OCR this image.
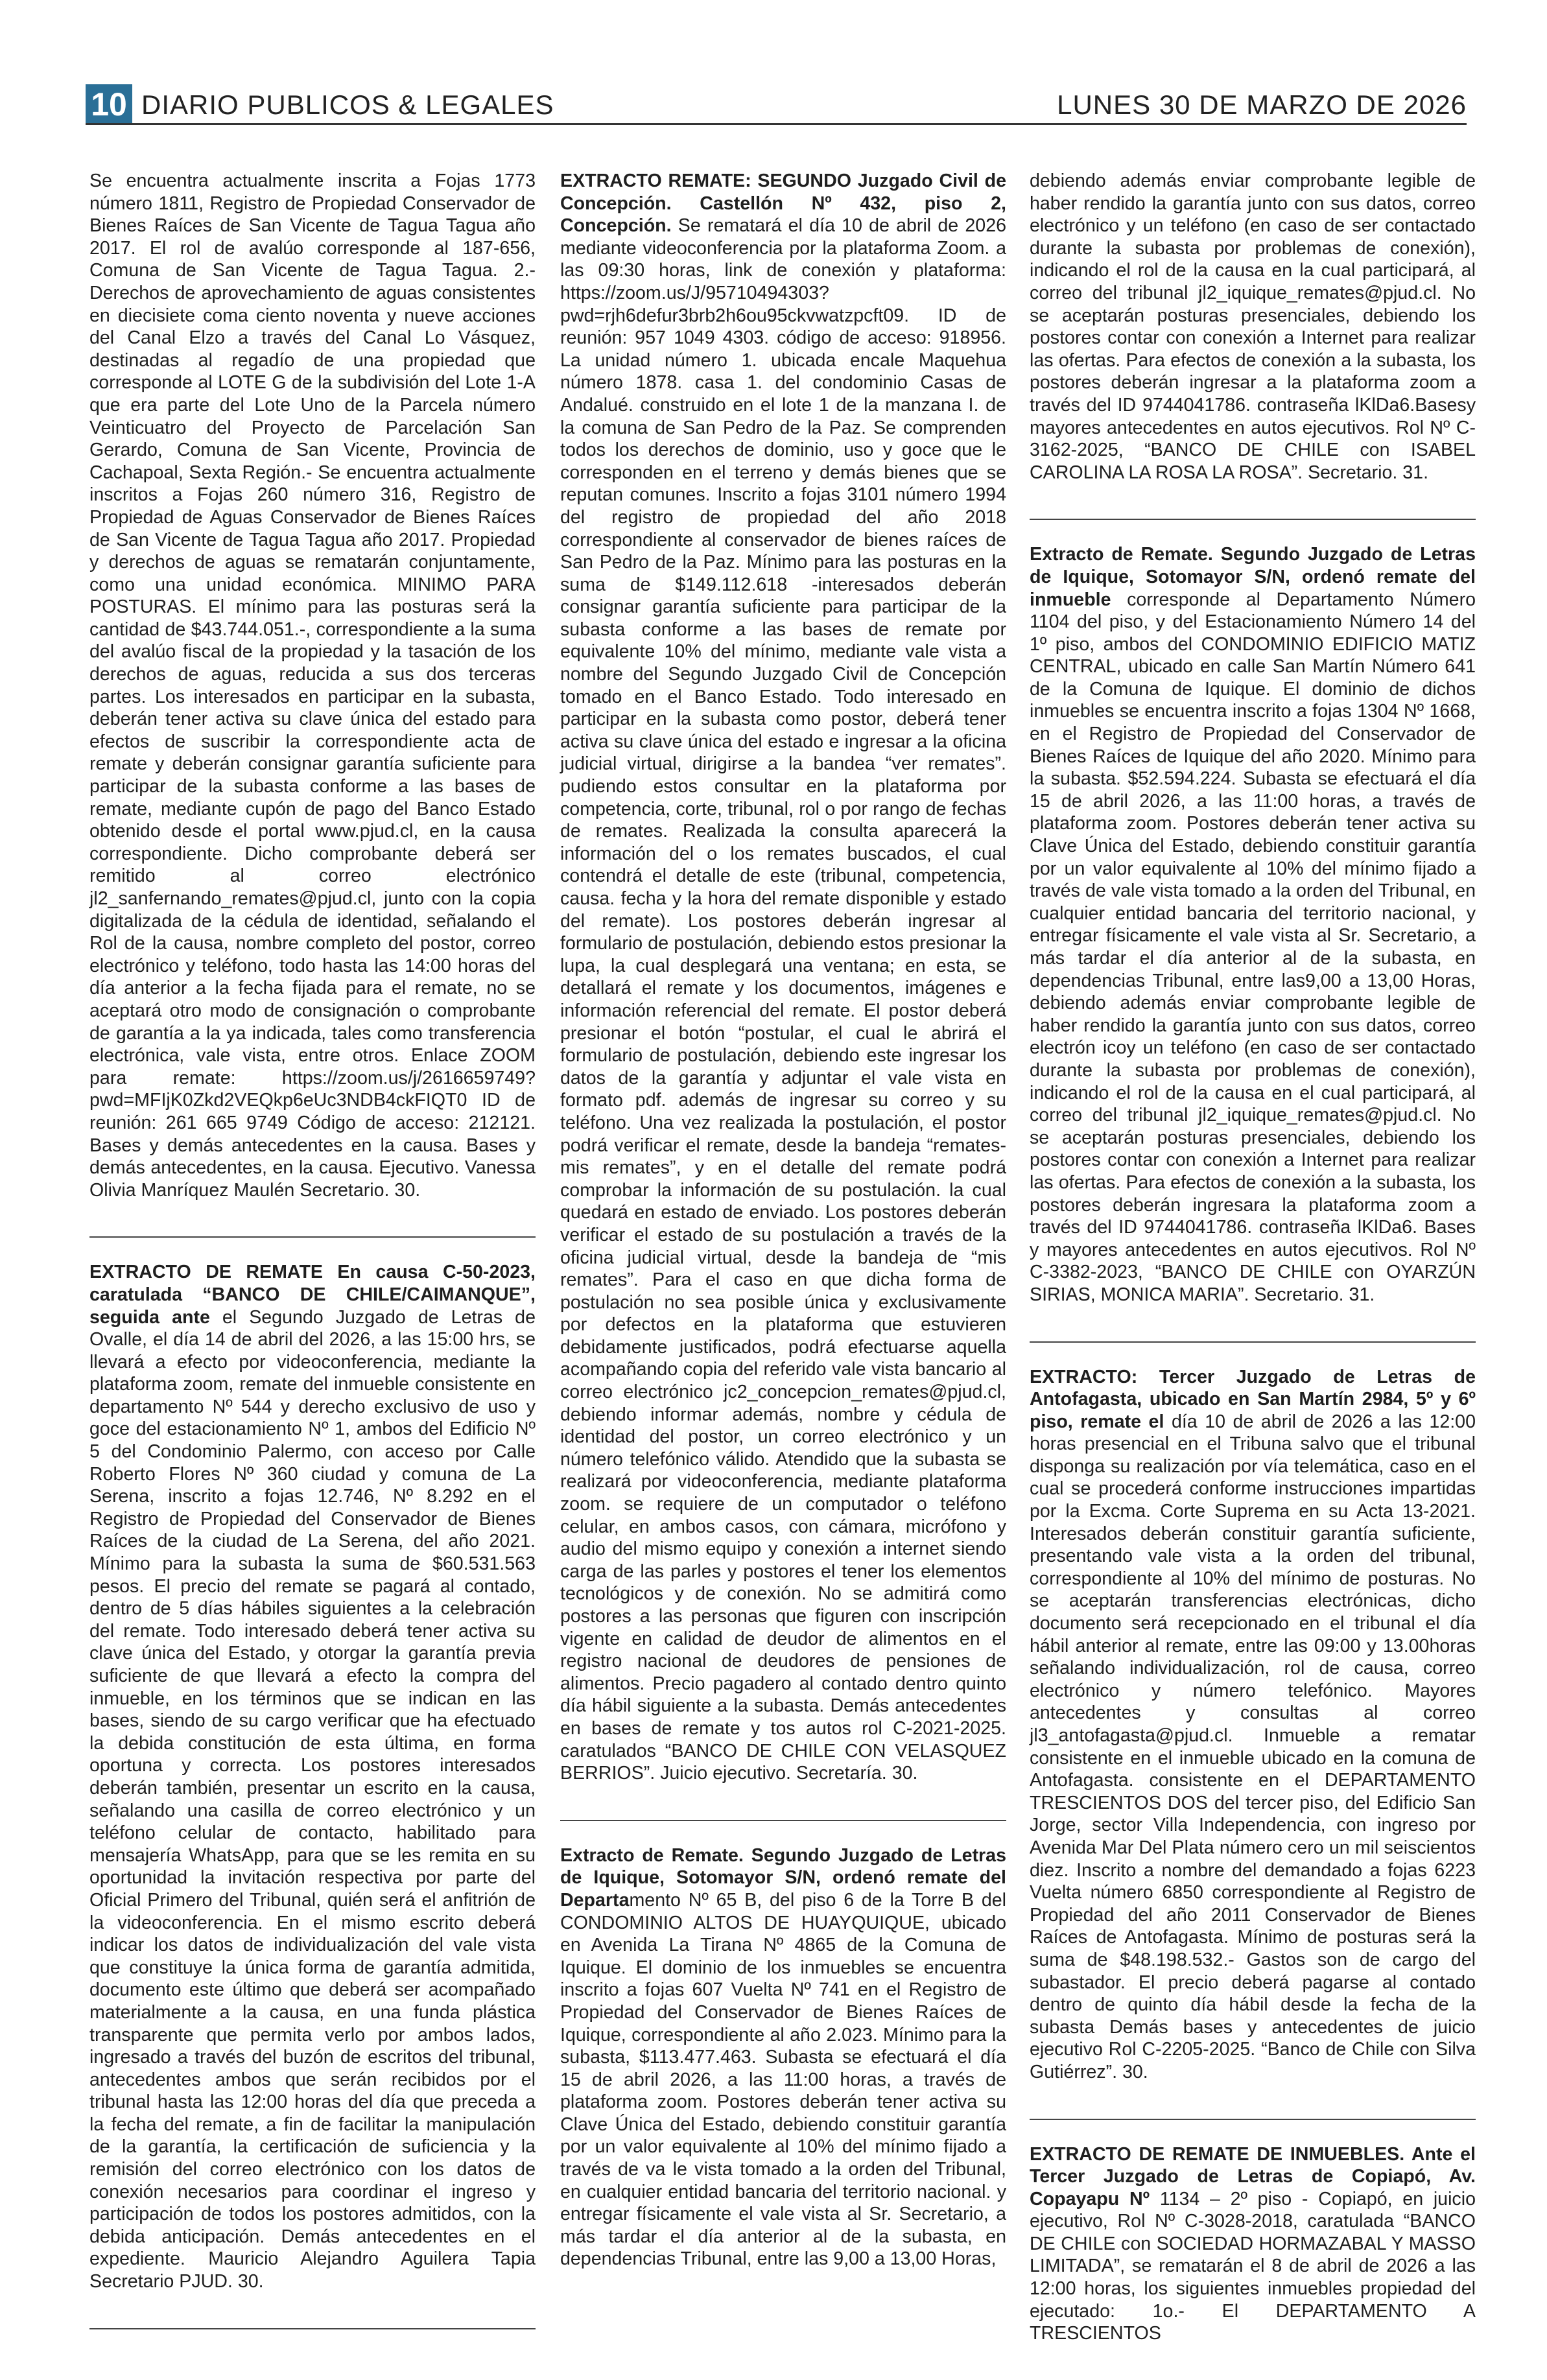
10 DIARIO PUBLICOS & LEGALES	LUNES 30 DE MARZO DE 2026

Se encuentra actualmente inscrita a Fojas 1773 número 1811, Registro de Propiedad Conservador de Bienes Raíces de San Vicente de Tagua Tagua año 2017. El rol de avalúo corresponde al 187-656, Comuna de San Vicente de Tagua Tagua. 2.- Derechos de aprovechamiento de aguas consistentes en diecisiete coma ciento noventa y nueve acciones del Canal Elzo a través del Canal Lo Vásquez, destinadas al regadío de una propiedad que corresponde al LOTE G de la subdivisión del Lote 1-A que era parte del Lote Uno de la Parcela número Veinticuatro del Proyecto de Parcelación San Gerardo, Comuna de San Vicente, Provincia de Cachapoal, Sexta Región.- Se encuentra actualmente inscritos a Fojas 260 número 316, Registro de Propiedad de Aguas Conservador de Bienes Raíces de San Vicente de Tagua Tagua año 2017. Propiedad y derechos de aguas se rematarán conjuntamente, como una unidad económica. MINIMO PARA POSTURAS. El mínimo para las posturas será la cantidad de $43.744.051.-, correspondiente a la suma del avalúo fiscal de la propiedad y la tasación de los derechos de aguas, reducida a sus dos terceras partes. Los interesados en participar en la subasta, deberán tener activa su clave única del estado para efectos de suscribir la correspondiente acta de remate y deberán consignar garantía suficiente para participar de la subasta conforme a las bases de remate, mediante cupón de pago del Banco Estado obtenido desde el portal www.pjud.cl, en la causa correspondiente. Dicho comprobante deberá ser remitido al correo electrónico jl2_sanfernando_remates@pjud.cl, junto con la copia digitalizada de la cédula de identidad, señalando el Rol de la causa, nombre completo del postor, correo electrónico y teléfono, todo hasta las 14:00 horas del día anterior a la fecha fijada para el remate, no se aceptará otro modo de consignación o comprobante de garantía a la ya indicada, tales como transferencia electrónica, vale vista, entre otros. Enlace ZOOM para remate: https://zoom.us/j/2616659749?pwd=MFIjK0Zkd2VEQkp6eUc3NDB4ckFIQT0 ID de reunión: 261 665 9749 Código de acceso: 212121. Bases y demás antecedentes en la causa. Bases y demás antecedentes, en la causa. Ejecutivo. Vanessa Olivia Manríquez Maulén Secretario. 30.

EXTRACTO DE REMATE En causa C-50-2023, caratulada “BANCO DE CHILE/CAIMANQUE”, seguida ante el Segundo Juzgado de Letras de Ovalle, el día 14 de abril del 2026, a las 15:00 hrs, se llevará a efecto por videoconferencia, mediante la plataforma zoom, remate del inmueble consistente en departamento Nº 544 y derecho exclusivo de uso y goce del estacionamiento Nº 1, ambos del Edificio Nº 5 del Condominio Palermo, con acceso por Calle Roberto Flores Nº 360 ciudad y comuna de La Serena, inscrito a fojas 12.746, Nº 8.292 en el Registro de Propiedad del Conservador de Bienes Raíces de la ciudad de La Serena, del año 2021. Mínimo para la subasta la suma de $60.531.563 pesos. El precio del remate se pagará al contado, dentro de 5 días hábiles siguientes a la celebración del remate. Todo interesado deberá tener activa su clave única del Estado, y otorgar la garantía previa suficiente de que llevará a efecto la compra del inmueble, en los términos que se indican en las bases, siendo de su cargo verificar que ha efectuado la debida constitución de esta última, en forma oportuna y correcta. Los postores interesados deberán también, presentar un escrito en la causa, señalando una casilla de correo electrónico y un teléfono celular de contacto, habilitado para mensajería WhatsApp, para que se les remita en su oportunidad la invitación respectiva por parte del Oficial Primero del Tribunal, quién será el anfitrión de la videoconferencia. En el mismo escrito deberá indicar los datos de individualización del vale vista que constituye la única forma de garantía admitida, documento este último que deberá ser acompañado materialmente a la causa, en una funda plástica transparente que permita verlo por ambos lados, ingresado a través del buzón de escritos del tribunal, antecedentes ambos que serán recibidos por el tribunal hasta las 12:00 horas del día que preceda a la fecha del remate, a fin de facilitar la manipulación de la garantía, la certificación de suficiencia y la remisión del correo electrónico con los datos de conexión necesarios para coordinar el ingreso y participación de todos los postores admitidos, con la debida anticipación. Demás antecedentes en el expediente. Mauricio Alejandro Aguilera Tapia Secretario PJUD. 30.

EXTRACTO REMATE: SEGUNDO Juzgado Civil de Concepción. Castellón Nº 432, piso 2, Concepción. Se rematará el día 10 de abril de 2026 mediante videoconferencia por la plataforma Zoom. a las 09:30 horas, link de conexión y plataforma: https://zoom.us/J/95710494303?pwd=rjh6defur3brb2h6ou95ckvwatzpcft09. ID de reunión: 957 1049 4303. código de acceso: 918956. La unidad número 1. ubicada encale Maquehua número 1878. casa 1. del condominio Casas de Andalué. construido en el lote 1 de la manzana I. de la comuna de San Pedro de la Paz. Se comprenden todos los derechos de dominio, uso y goce que le corresponden en el terreno y demás bienes que se reputan comunes. Inscrito a fojas 3101 número 1994 del registro de propiedad del año 2018 correspondiente al conservador de bienes raíces de San Pedro de la Paz. Mínimo para las posturas en la suma de $149.112.618 -interesados deberán consignar garantía suficiente para participar de la subasta conforme a las bases de remate por equivalente 10% del mínimo, mediante vale vista a nombre del Segundo Juzgado Civil de Concepción tomado en el Banco Estado. Todo interesado en participar en la subasta como postor, deberá tener activa su clave única del estado e ingresar a la oficina judicial virtual, dirigirse a la bandea “ver remates”. pudiendo estos consultar en la plataforma por competencia, corte, tribunal, rol o por rango de fechas de remates. Realizada la consulta aparecerá la información del o los remates buscados, el cual contendrá el detalle de este (tribunal, competencia, causa. fecha y la hora del remate disponible y estado del remate). Los postores deberán ingresar al formulario de postulación, debiendo estos presionar la lupa, la cual desplegará una ventana; en esta, se detallará el remate y los documentos, imágenes e información referencial del remate. El postor deberá presionar el botón “postular, el cual le abrirá el formulario de postulación, debiendo este ingresar los datos de la garantía y adjuntar el vale vista en formato pdf. además de ingresar su correo y su teléfono. Una vez realizada la postulación, el postor podrá verificar el remate, desde la bandeja “remates-mis remates”, y en el detalle del remate podrá comprobar la información de su postulación. la cual quedará en estado de enviado. Los postores deberán verificar el estado de su postulación a través de la oficina judicial virtual, desde la bandeja de “mis remates”. Para el caso en que dicha forma de postulación no sea posible única y exclusivamente por defectos en la plataforma que estuvieren debidamente justificados, podrá efectuarse aquella acompañando copia del referido vale vista bancario al correo electrónico jc2_concepcion_remates@pjud.cl, debiendo informar además, nombre y cédula de identidad del postor, un correo electrónico y un número telefónico válido. Atendido que la subasta se realizará por videoconferencia, mediante plataforma zoom. se requiere de un computador o teléfono celular, en ambos casos, con cámara, micrófono y audio del mismo equipo y conexión a internet siendo carga de las parles y postores el tener los elementos tecnológicos y de conexión. No se admitirá como postores a las personas que figuren con inscripción vigente en calidad de deudor de alimentos en el registro nacional de deudores de pensiones de alimentos. Precio pagadero al contado dentro quinto día hábil siguiente a la subasta. Demás antecedentes en bases de remate y tos autos rol C-2021-2025. caratulados “BANCO DE CHILE CON VELASQUEZ BERRIOS”. Juicio ejecutivo. Secretaría. 30.

Extracto de Remate. Segundo Juzgado de Letras de Iquique, Sotomayor S/N, ordenó remate del Departamento Nº 65 B, del piso 6 de la Torre B del CONDOMINIO ALTOS DE HUAYQUIQUE, ubicado en Avenida La Tirana Nº 4865 de la Comuna de Iquique. El dominio de los inmuebles se encuentra inscrito a fojas 607 Vuelta Nº 741 en el Registro de Propiedad del Conservador de Bienes Raíces de Iquique, correspondiente al año 2.023. Mínimo para la subasta, $113.477.463. Subasta se efectuará el día 15 de abril 2026, a las 11:00 horas, a través de plataforma zoom. Postores deberán tener activa su Clave Única del Estado, debiendo constituir garantía por un valor equivalente al 10% del mínimo fijado a través de va le vista tomado a la orden del Tribunal, en cualquier entidad bancaria del territorio nacional. y entregar físicamente el vale vista al Sr. Secretario, a más tardar el día anterior al de la subasta, en dependencias Tribunal, entre las 9,00 a 13,00 Horas,

debiendo además enviar comprobante legible de haber rendido la garantía junto con sus datos, correo electrónico y un teléfono (en caso de ser contactado durante la subasta por problemas de conexión), indicando el rol de la causa en la cual participará, al correo del tribunal jl2_iquique_remates@pjud.cl. No se aceptarán posturas presenciales, debiendo los postores contar con conexión a Internet para realizar las ofertas. Para efectos de conexión a la subasta, los postores deberán ingresar a la plataforma zoom a través del ID 9744041786. contraseña lKlDa6.Basesy mayores antecedentes en autos ejecutivos. Rol Nº C-3162-2025, “BANCO DE CHILE con ISABEL CAROLINA LA ROSA LA ROSA”. Secretario. 31.

Extracto de Remate. Segundo Juzgado de Letras de Iquique, Sotomayor S/N, ordenó remate del inmueble corresponde al Departamento Número 1104 del piso, y del Estacionamiento Número 14 del 1º piso, ambos del CONDOMINIO EDIFICIO MATIZ CENTRAL, ubicado en calle San Martín Número 641 de la Comuna de Iquique. El dominio de dichos inmuebles se encuentra inscrito a fojas 1304 Nº 1668, en el Registro de Propiedad del Conservador de Bienes Raíces de Iquique del año 2020. Mínimo para la subasta. $52.594.224. Subasta se efectuará el día 15 de abril 2026, a las 11:00 horas, a través de plataforma zoom. Postores deberán tener activa su Clave Única del Estado, debiendo constituir garantía por un valor equivalente al 10% del mínimo fijado a través de vale vista tomado a la orden del Tribunal, en cualquier entidad bancaria del territorio nacional, y entregar físicamente el vale vista al Sr. Secretario, a más tardar el día anterior al de la subasta, en dependencias Tribunal, entre las9,00 a 13,00 Horas, debiendo además enviar comprobante legible de haber rendido la garantía junto con sus datos, correo electrón icoy un teléfono (en caso de ser contactado durante la subasta por problemas de conexión), indicando el rol de la causa en el cual participará, al correo del tribunal jl2_iquique_remates@pjud.cl. No se aceptarán posturas presenciales, debiendo los postores contar con conexión a Internet para realizar las ofertas. Para efectos de conexión a la subasta, los postores deberán ingresara la plataforma zoom a través del ID 9744041786. contraseña lKlDa6. Bases y mayores antecedentes en autos ejecutivos. Rol Nº C-3382-2023, “BANCO DE CHILE con OYARZÚN SIRIAS, MONICA MARIA”. Secretario. 31.

EXTRACTO: Tercer Juzgado de Letras de Antofagasta, ubicado en San Martín 2984, 5º y 6º piso, remate el día 10 de abril de 2026 a las 12:00 horas presencial en el Tribuna salvo que el tribunal disponga su realización por vía telemática, caso en el cual se procederá conforme instrucciones impartidas por la Excma. Corte Suprema en su Acta 13-2021. Interesados deberán constituir garantía suficiente, presentando vale vista a la orden del tribunal, correspondiente al 10% del mínimo de posturas. No se aceptarán transferencias electrónicas, dicho documento será recepcionado en el tribunal el día hábil anterior al remate, entre las 09:00 y 13.00horas señalando individualización, rol de causa, correo electrónico y número telefónico. Mayores antecedentes y consultas al correo jl3_antofagasta@pjud.cl. Inmueble a rematar consistente en el inmueble ubicado en la comuna de Antofagasta. consistente en el DEPARTAMENTO TRESCIENTOS DOS del tercer piso, del Edificio San Jorge, sector Villa Independencia, con ingreso por Avenida Mar Del Plata número cero un mil seiscientos diez. Inscrito a nombre del demandado a fojas 6223 Vuelta número 6850 correspondiente al Registro de Propiedad del año 2011 Conservador de Bienes Raíces de Antofagasta. Mínimo de posturas será la suma de $48.198.532.- Gastos son de cargo del subastador. El precio deberá pagarse al contado dentro de quinto día hábil desde la fecha de la subasta Demás bases y antecedentes de juicio ejecutivo Rol C-2205-2025. “Banco de Chile con Silva Gutiérrez”. 30.

EXTRACTO DE REMATE DE INMUEBLES. Ante el Tercer Juzgado de Letras de Copiapó, Av. Copayapu Nº 1134 – 2º piso - Copiapó, en juicio ejecutivo, Rol Nº C-3028-2018, caratulada “BANCO DE CHILE con SOCIEDAD HORMAZABAL Y MASSO LIMITADA”, se rematarán el 8 de abril de 2026 a las 12:00 horas, los siguientes inmuebles propiedad del ejecutado: 1o.- El DEPARTAMENTO A TRESCIENTOS
